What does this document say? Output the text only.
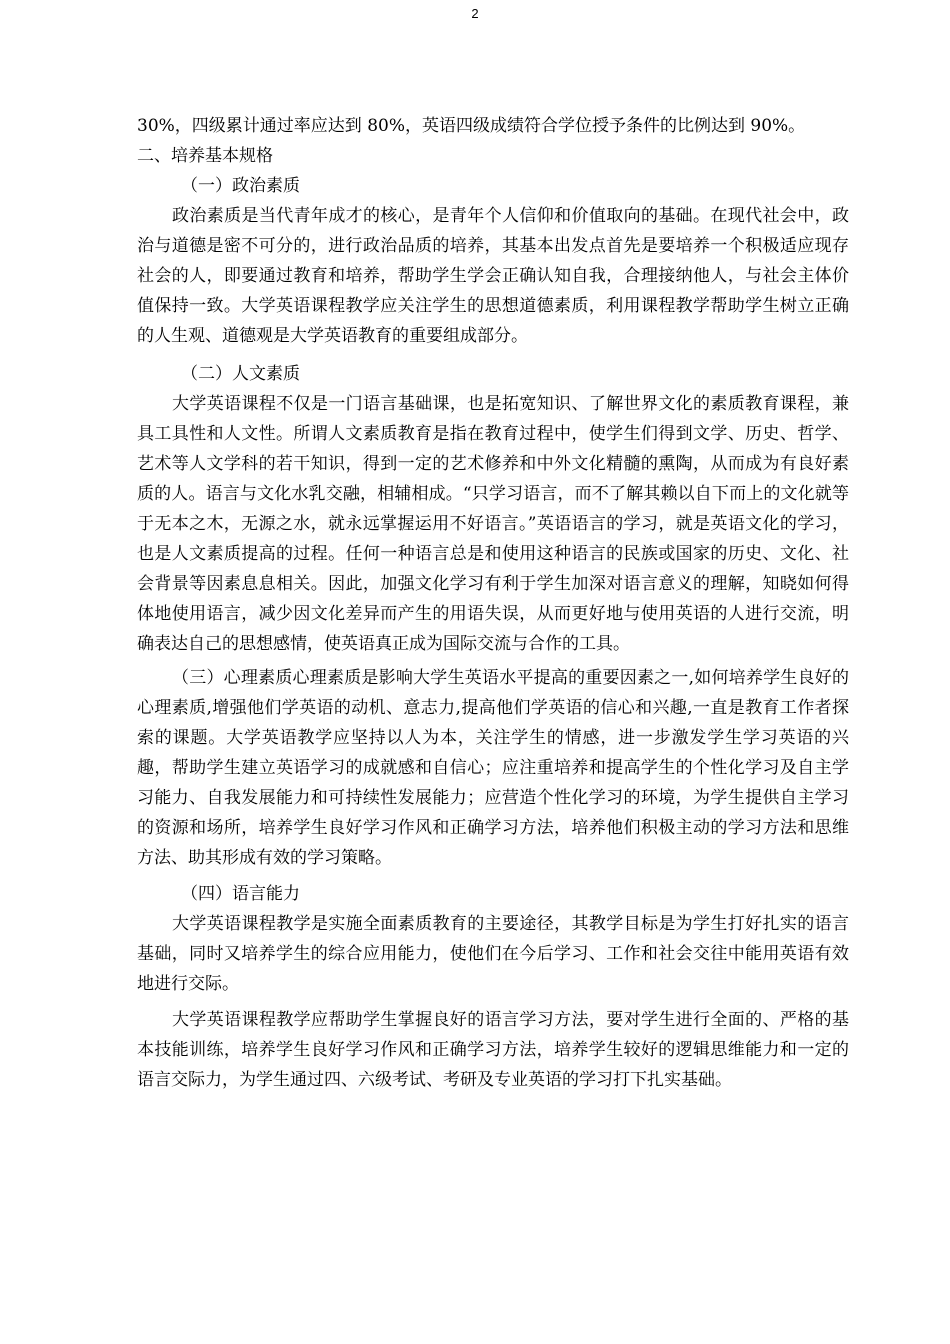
2

30%，四级累计通过率应达到 80%，英语四级成绩符合学位授予条件的比例达到 90%。

二、培养基本规格

（一）政治素质

政治素质是当代青年成才的核心，是青年个人信仰和价值取向的基础。在现代社会中，政治与道德是密不可分的，进行政治品质的培养，其基本出发点首先是要培养一个积极适应现存社会的人，即要通过教育和培养，帮助学生学会正确认知自我，合理接纳他人，与社会主体价值保持一致。大学英语课程教学应关注学生的思想道德素质，利用课程教学帮助学生树立正确的人生观、道德观是大学英语教育的重要组成部分。

（二）人文素质

大学英语课程不仅是一门语言基础课，也是拓宽知识、了解世界文化的素质教育课程，兼具工具性和人文性。所谓人文素质教育是指在教育过程中，使学生们得到文学、历史、哲学、艺术等人文学科的若干知识，得到一定的艺术修养和中外文化精髓的熏陶，从而成为有良好素质的人。语言与文化水乳交融，相辅相成。“只学习语言，而不了解其赖以自下而上的文化就等于无本之木，无源之水，就永远掌握运用不好语言。”英语语言的学习，就是英语文化的学习，也是人文素质提高的过程。任何一种语言总是和使用这种语言的民族或国家的历史、文化、社会背景等因素息息相关。因此，加强文化学习有利于学生加深对语言意义的理解，知晓如何得体地使用语言，减少因文化差异而产生的用语失误，从而更好地与使用英语的人进行交流，明确表达自己的思想感情，使英语真正成为国际交流与合作的工具。

（三）心理素质心理素质是影响大学生英语水平提高的重要因素之一,如何培养学生良好的心理素质,增强他们学英语的动机、意志力,提高他们学英语的信心和兴趣,一直是教育工作者探索的课题。大学英语教学应坚持以人为本，关注学生的情感，进一步激发学生学习英语的兴趣，帮助学生建立英语学习的成就感和自信心；应注重培养和提高学生的个性化学习及自主学习能力、自我发展能力和可持续性发展能力；应营造个性化学习的环境，为学生提供自主学习的资源和场所，培养学生良好学习作风和正确学习方法，培养他们积极主动的学习方法和思维方法、助其形成有效的学习策略。

（四）语言能力

大学英语课程教学是实施全面素质教育的主要途径，其教学目标是为学生打好扎实的语言基础，同时又培养学生的综合应用能力，使他们在今后学习、工作和社会交往中能用英语有效地进行交际。

大学英语课程教学应帮助学生掌握良好的语言学习方法，要对学生进行全面的、严格的基本技能训练，培养学生良好学习作风和正确学习方法，培养学生较好的逻辑思维能力和一定的语言交际力，为学生通过四、六级考试、考研及专业英语的学习打下扎实基础。
